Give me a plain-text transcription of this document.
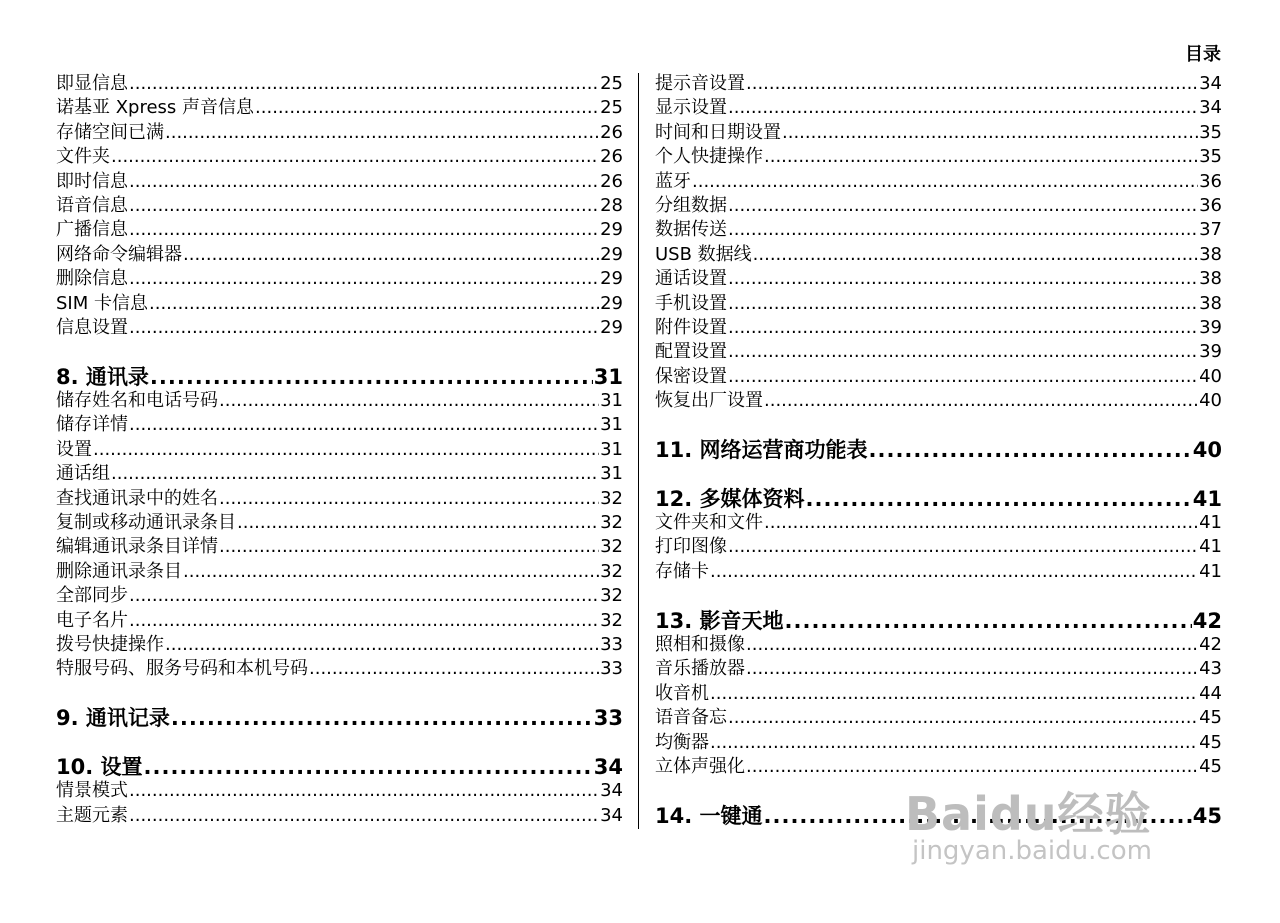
目录
即显信息 .....	25
诺基亚 Xpress 声音信息 .....	25
存储空间已满 .....	26
文件夹 .....	26
即时信息 .....	26
语音信息 .....	28
广播信息 .....	29
网络命令编辑器 .....	29
删除信息 .....	29
SIM 卡信息 .....	29
信息设置 .....	29
8. 通讯录 .....	31
储存姓名和电话号码 .....	31
储存详情 .....	31
设置 .....	31
通话组 .....	31
查找通讯录中的姓名 .....	32
复制或移动通讯录条目 .....	32
编辑通讯录条目详情 .....	32
删除通讯录条目 .....	32
全部同步 .....	32
电子名片 .....	32
拨号快捷操作 .....	33
特服号码、服务号码和本机号码 .....	33
9. 通讯记录 .....	33
10. 设置 .....	34
情景模式 .....	34
主题元素 .....	34
提示音设置 .....	34
显示设置 .....	34
时间和日期设置 .....	35
个人快捷操作 .....	35
蓝牙 .....	36
分组数据 .....	36
数据传送 .....	37
USB 数据线 .....	38
通话设置 .....	38
手机设置 .....	38
附件设置 .....	39
配置设置 .....	39
保密设置 .....	40
恢复出厂设置 .....	40
11. 网络运营商功能表 .....	40
12. 多媒体资料 .....	41
文件夹和文件 .....	41
打印图像 .....	41
存储卡 .....	41
13. 影音天地 .....	42
照相和摄像 .....	42
音乐播放器 .....	43
收音机 .....	44
语音备忘 .....	45
均衡器 .....	45
立体声强化 .....	45
14. 一键通 .....	45
Baidu经验
jingyan.baidu.com
